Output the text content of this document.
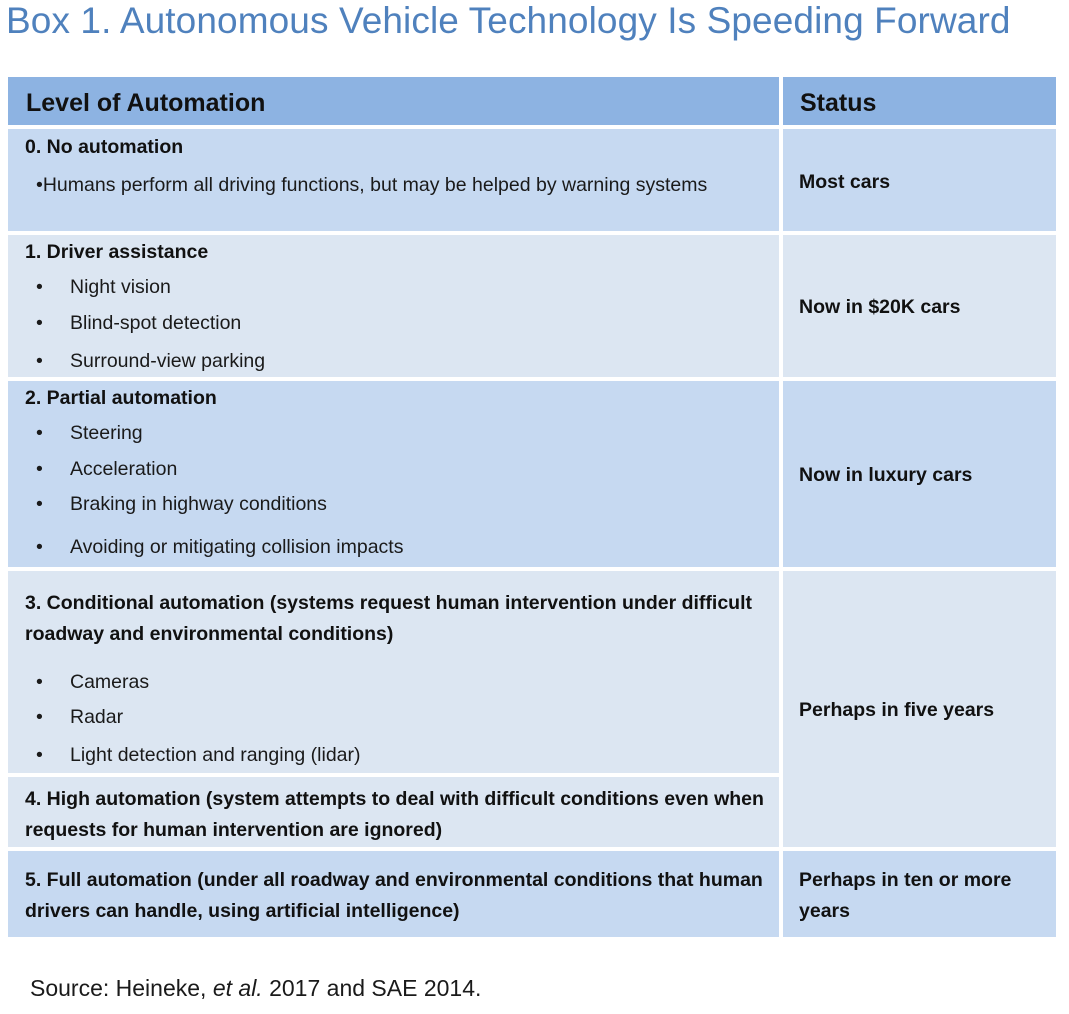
Box 1. Autonomous Vehicle Technology Is Speeding Forward
Level of Automation	Status
0. No automation
•Humans perform all driving functions, but may be helped by warning systems	Most cars
1. Driver assistance
• Night vision
• Blind-spot detection
• Surround-view parking
Now in $20K cars
2. Partial automation
• Steering
• Acceleration
• Braking in highway conditions
• Avoiding or mitigating collision impacts
Now in luxury cars
3. Conditional automation (systems request human intervention under difficult roadway and environmental conditions)
• Cameras
• Radar
• Light detection and ranging (lidar)
4. High automation (system attempts to deal with difficult conditions even when requests for human intervention are ignored)
Perhaps in five years
5. Full automation (under all roadway and environmental conditions that human drivers can handle, using artificial intelligence)
Perhaps in ten or more years
Source: Heineke, et al. 2017 and SAE 2014.
